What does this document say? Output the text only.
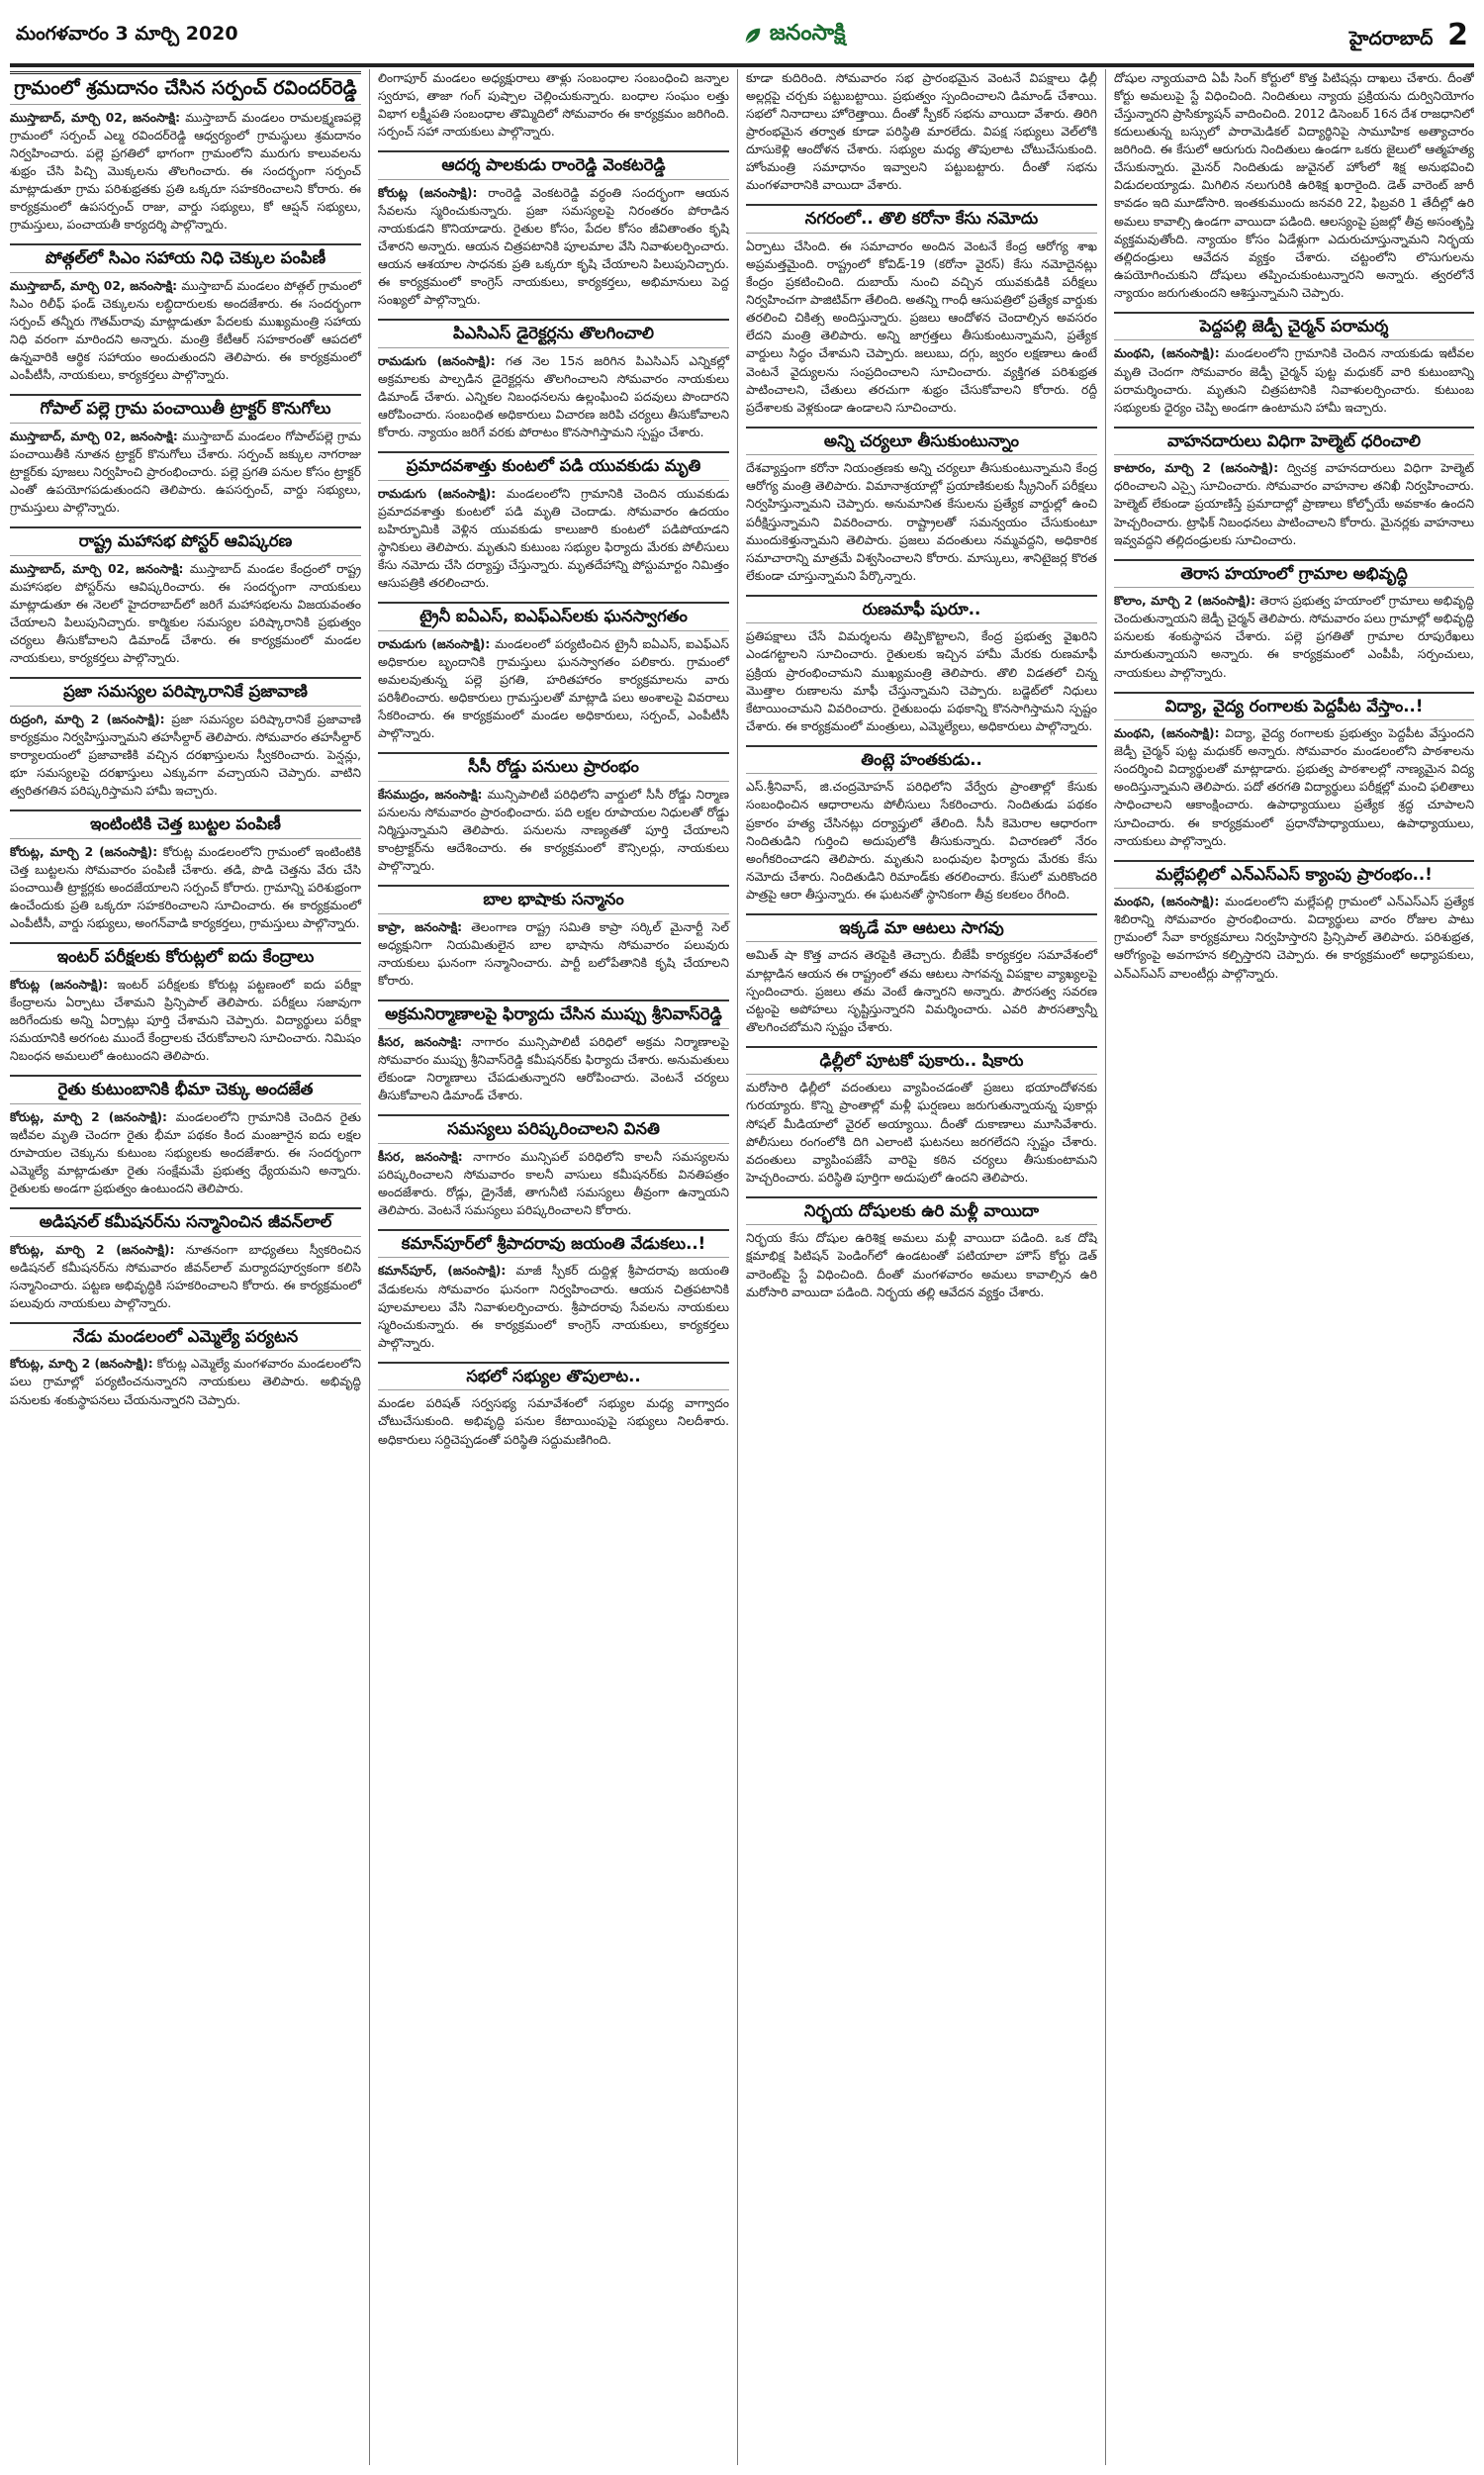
మంగళవారం 3 మార్చి 2020	జనంసాక్షి	హైదరాబాద్ 2
గ్రామంలో శ్రమదానం చేసిన సర్పంచ్ రవిందర్‌రెడ్డి

ముస్తాబాద్, మార్చి 02, జనంసాక్షి: ముస్తాబాద్ మండలం రామలక్ష్మణపల్లె గ్రామంలో సర్పంచ్ ఎల్మ రవిందర్‌రెడ్డి ఆధ్వర్యంలో గ్రామస్థులు శ్రమదానం నిర్వహించారు. పల్లె ప్రగతిలో భాగంగా గ్రామంలోని మురుగు కాలువలను శుభ్రం చేసి పిచ్చి మొక్కలను తొలగించారు. ఈ సందర్భంగా సర్పంచ్ మాట్లాడుతూ గ్రామ పరిశుభ్రతకు ప్రతి ఒక్కరూ సహకరించాలని కోరారు. ఈ కార్యక్రమంలో ఉపసర్పంచ్ రాజు, వార్డు సభ్యులు, కో ఆప్షన్ సభ్యులు, గ్రామస్తులు, పంచాయతీ కార్యదర్శి పాల్గొన్నారు.

పోత్గల్‌లో సిఎం సహాయ నిధి చెక్కుల పంపిణీ

ముస్తాబాద్, మార్చి 02, జనంసాక్షి: ముస్తాబాద్ మండలం పోత్గల్ గ్రామంలో సిఎం రిలీఫ్ ఫండ్ చెక్కులను లబ్ధిదారులకు అందజేశారు. ఈ సందర్భంగా సర్పంచ్ తన్నీరు గౌతమ్‌రావు మాట్లాడుతూ పేదలకు ముఖ్యమంత్రి సహాయ నిధి వరంగా మారిందని అన్నారు. మంత్రి కేటీఆర్ సహకారంతో ఆపదలో ఉన్నవారికి ఆర్థిక సహాయం అందుతుందని తెలిపారు. ఈ కార్యక్రమంలో ఎంపీటీసీ, నాయకులు, కార్యకర్తలు పాల్గొన్నారు.

గోపాల్ పల్లె గ్రామ పంచాయితీ ట్రాక్టర్ కొనుగోలు

ముస్తాబాద్, మార్చి 02, జనంసాక్షి: ముస్తాబాద్ మండలం గోపాల్‌పల్లె గ్రామ పంచాయితీకి నూతన ట్రాక్టర్ కొనుగోలు చేశారు. సర్పంచ్ జక్కుల నాగరాజు ట్రాక్టర్‌కు పూజలు నిర్వహించి ప్రారంభించారు. పల్లె ప్రగతి పనుల కోసం ట్రాక్టర్ ఎంతో ఉపయోగపడుతుందని తెలిపారు. ఉపసర్పంచ్, వార్డు సభ్యులు, గ్రామస్తులు పాల్గొన్నారు.

రాష్ట్ర మహాసభ పోస్టర్ ఆవిష్కరణ

ముస్తాబాద్, మార్చి 02, జనంసాక్షి: ముస్తాబాద్ మండల కేంద్రంలో రాష్ట్ర మహాసభల పోస్టర్‌ను ఆవిష్కరించారు. ఈ సందర్భంగా నాయకులు మాట్లాడుతూ ఈ నెలలో హైదరాబాద్‌లో జరిగే మహాసభలను విజయవంతం చేయాలని పిలుపునిచ్చారు. కార్మికుల సమస్యల పరిష్కారానికి ప్రభుత్వం చర్యలు తీసుకోవాలని డిమాండ్ చేశారు. ఈ కార్యక్రమంలో మండల నాయకులు, కార్యకర్తలు పాల్గొన్నారు.

ప్రజా సమస్యల పరిష్కారానికే ప్రజావాణి

రుద్రంగి, మార్చి 2 (జనంసాక్షి): ప్రజా సమస్యల పరిష్కారానికే ప్రజావాణి కార్యక్రమం నిర్వహిస్తున్నామని తహసీల్దార్ తెలిపారు. సోమవారం తహసీల్దార్ కార్యాలయంలో ప్రజావాణికి వచ్చిన దరఖాస్తులను స్వీకరించారు. పెన్షన్లు, భూ సమస్యలపై దరఖాస్తులు ఎక్కువగా వచ్చాయని చెప్పారు. వాటిని త్వరితగతిన పరిష్కరిస్తామని హామీ ఇచ్చారు.

ఇంటింటికి చెత్త బుట్టల పంపిణీ

కోరుట్ల, మార్చి 2 (జనంసాక్షి): కోరుట్ల మండలంలోని గ్రామంలో ఇంటింటికి చెత్త బుట్టలను సోమవారం పంపిణీ చేశారు. తడి, పొడి చెత్తను వేరు చేసి పంచాయితీ ట్రాక్టర్లకు అందజేయాలని సర్పంచ్ కోరారు. గ్రామాన్ని పరిశుభ్రంగా ఉంచేందుకు ప్రతి ఒక్కరూ సహకరించాలని సూచించారు. ఈ కార్యక్రమంలో ఎంపీటీసీ, వార్డు సభ్యులు, అంగన్‌వాడి కార్యకర్తలు, గ్రామస్తులు పాల్గొన్నారు.

ఇంటర్ పరీక్షలకు కోరుట్లలో ఐదు కేంద్రాలు

కోరుట్ల (జనంసాక్షి): ఇంటర్ పరీక్షలకు కోరుట్ల పట్టణంలో ఐదు పరీక్షా కేంద్రాలను ఏర్పాటు చేశామని ప్రిన్సిపాల్ తెలిపారు. పరీక్షలు సజావుగా జరిగేందుకు అన్ని ఏర్పాట్లు పూర్తి చేశామని చెప్పారు. విద్యార్థులు పరీక్షా సమయానికి అరగంట ముందే కేంద్రాలకు చేరుకోవాలని సూచించారు. నిమిషం నిబంధన అమలులో ఉంటుందని తెలిపారు.

రైతు కుటుంబానికి భీమా చెక్కు అందజేత

కోరుట్ల, మార్చి 2 (జనంసాక్షి): మండలంలోని గ్రామానికి చెందిన రైతు ఇటీవల మృతి చెందగా రైతు భీమా పథకం కింద మంజూరైన ఐదు లక్షల రూపాయల చెక్కును కుటుంబ సభ్యులకు అందజేశారు. ఈ సందర్భంగా ఎమ్మెల్యే మాట్లాడుతూ రైతు సంక్షేమమే ప్రభుత్వ ధ్యేయమని అన్నారు. రైతులకు అండగా ప్రభుత్వం ఉంటుందని తెలిపారు.

అడిషనల్ కమీషనర్‌ను సన్మానించిన జీవన్‌లాల్

కోరుట్ల, మార్చి 2 (జనంసాక్షి): నూతనంగా బాధ్యతలు స్వీకరించిన అడిషనల్ కమీషనర్‌ను సోమవారం జీవన్‌లాల్ మర్యాదపూర్వకంగా కలిసి సన్మానించారు. పట్టణ అభివృద్ధికి సహకరించాలని కోరారు. ఈ కార్యక్రమంలో పలువురు నాయకులు పాల్గొన్నారు.

నేడు మండలంలో ఎమ్మెల్యే పర్యటన

కోరుట్ల, మార్చి 2 (జనంసాక్షి): కోరుట్ల ఎమ్మెల్యే మంగళవారం మండలంలోని పలు గ్రామాల్లో పర్యటించనున్నారని నాయకులు తెలిపారు. అభివృద్ధి పనులకు శంకుస్థాపనలు చేయనున్నారని చెప్పారు.

లింగాపూర్ మండలం అధ్యక్షురాలు తాళ్లు సంబంధాల సంబంధించి జన్నాల స్వరూప, తాజా గంగ్ పుష్పాల చెల్లించుకున్నారు. బంధాల సంఘం లత్తు విభాగ లక్ష్మీపతి సంబంధాల తొమ్మిదిలో సోమవారం ఈ కార్యక్రమం జరిగింది. సర్పంచ్ సహా నాయకులు పాల్గొన్నారు.

ఆదర్శ పాలకుడు రాంరెడ్డి వెంకటరెడ్డి

కోరుట్ల (జనంసాక్షి): రాంరెడ్డి వెంకటరెడ్డి వర్ధంతి సందర్భంగా ఆయన సేవలను స్మరించుకున్నారు. ప్రజా సమస్యలపై నిరంతరం పోరాడిన నాయకుడని కొనియాడారు. రైతుల కోసం, పేదల కోసం జీవితాంతం కృషి చేశారని అన్నారు. ఆయన చిత్రపటానికి పూలమాల వేసి నివాళులర్పించారు. ఆయన ఆశయాల సాధనకు ప్రతి ఒక్కరూ కృషి చేయాలని పిలుపునిచ్చారు. ఈ కార్యక్రమంలో కాంగ్రెస్ నాయకులు, కార్యకర్తలు, అభిమానులు పెద్ద సంఖ్యలో పాల్గొన్నారు.

పిఎసిఎస్ డైరెక్టర్లను తొలగించాలి

రామడుగు (జనంసాక్షి): గత నెల 15న జరిగిన పిఎసిఎస్ ఎన్నికల్లో అక్రమాలకు పాల్పడిన డైరెక్టర్లను తొలగించాలని సోమవారం నాయకులు డిమాండ్ చేశారు. ఎన్నికల నిబంధనలను ఉల్లంఘించి పదవులు పొందారని ఆరోపించారు. సంబంధిత అధికారులు విచారణ జరిపి చర్యలు తీసుకోవాలని కోరారు. న్యాయం జరిగే వరకు పోరాటం కొనసాగిస్తామని స్పష్టం చేశారు.

ప్రమాదవశాత్తు కుంటలో పడి యువకుడు మృతి

రామడుగు (జనంసాక్షి): మండలంలోని గ్రామానికి చెందిన యువకుడు ప్రమాదవశాత్తు కుంటలో పడి మృతి చెందాడు. సోమవారం ఉదయం బహిర్భూమికి వెళ్లిన యువకుడు కాలుజారి కుంటలో పడిపోయాడని స్థానికులు తెలిపారు. మృతుని కుటుంబ సభ్యుల ఫిర్యాదు మేరకు పోలీసులు కేసు నమోదు చేసి దర్యాప్తు చేస్తున్నారు. మృతదేహాన్ని పోస్టుమార్టం నిమిత్తం ఆసుపత్రికి తరలించారు.

ట్రైనీ ఐఏఎస్, ఐఎఫ్ఎస్‌లకు ఘనస్వాగతం

రామడుగు (జనంసాక్షి): మండలంలో పర్యటించిన ట్రైనీ ఐఏఎస్, ఐఎఫ్ఎస్ అధికారుల బృందానికి గ్రామస్తులు ఘనస్వాగతం పలికారు. గ్రామంలో అమలవుతున్న పల్లె ప్రగతి, హరితహారం కార్యక్రమాలను వారు పరిశీలించారు. అధికారులు గ్రామస్తులతో మాట్లాడి పలు అంశాలపై వివరాలు సేకరించారు. ఈ కార్యక్రమంలో మండల అధికారులు, సర్పంచ్, ఎంపీటీసీ పాల్గొన్నారు.

సీసీ రోడ్డు పనులు ప్రారంభం

కేసముద్రం, జనంసాక్షి: మున్సిపాలిటీ పరిధిలోని వార్డులో సీసీ రోడ్డు నిర్మాణ పనులను సోమవారం ప్రారంభించారు. పది లక్షల రూపాయల నిధులతో రోడ్డు నిర్మిస్తున్నామని తెలిపారు. పనులను నాణ్యతతో పూర్తి చేయాలని కాంట్రాక్టర్‌ను ఆదేశించారు. ఈ కార్యక్రమంలో కౌన్సిలర్లు, నాయకులు పాల్గొన్నారు.

బాల భాషాకు సన్మానం

కాప్రా, జనంసాక్షి: తెలంగాణ రాష్ట్ర సమితి కాప్రా సర్కిల్ మైనార్టీ సెల్ అధ్యక్షునిగా నియమితులైన బాల భాషాను సోమవారం పలువురు నాయకులు ఘనంగా సన్మానించారు. పార్టీ బలోపేతానికి కృషి చేయాలని కోరారు.

అక్రమనిర్మాణాలపై ఫిర్యాదు చేసిన ముప్పు శ్రీనివాస్‌రెడ్డి

కీసర, జనంసాక్షి: నాగారం మున్సిపాలిటీ పరిధిలో అక్రమ నిర్మాణాలపై సోమవారం ముప్పు శ్రీనివాస్‌రెడ్డి కమీషనర్‌కు ఫిర్యాదు చేశారు. అనుమతులు లేకుండా నిర్మాణాలు చేపడుతున్నారని ఆరోపించారు. వెంటనే చర్యలు తీసుకోవాలని డిమాండ్ చేశారు.

సమస్యలు పరిష్కరించాలని వినతి

కీసర, జనంసాక్షి: నాగారం మున్సిపల్ పరిధిలోని కాలనీ సమస్యలను పరిష్కరించాలని సోమవారం కాలనీ వాసులు కమీషనర్‌కు వినతిపత్రం అందజేశారు. రోడ్లు, డ్రైనేజీ, తాగునీటి సమస్యలు తీవ్రంగా ఉన్నాయని తెలిపారు. వెంటనే సమస్యలు పరిష్కరించాలని కోరారు.

కమాన్‌పూర్‌లో శ్రీపాదరావు జయంతి వేడుకలు..!

కమాన్‌పూర్, (జనంసాక్షి): మాజీ స్పీకర్ దుద్దిళ్ల శ్రీపాదరావు జయంతి వేడుకలను సోమవారం ఘనంగా నిర్వహించారు. ఆయన చిత్రపటానికి పూలమాలలు వేసి నివాళులర్పించారు. శ్రీపాదరావు సేవలను నాయకులు స్మరించుకున్నారు. ఈ కార్యక్రమంలో కాంగ్రెస్ నాయకులు, కార్యకర్తలు పాల్గొన్నారు.

సభలో సభ్యుల తొపులాట..

మండల పరిషత్ సర్వసభ్య సమావేశంలో సభ్యుల మధ్య వాగ్వాదం చోటుచేసుకుంది. అభివృద్ధి పనుల కేటాయింపుపై సభ్యులు నిలదీశారు. అధికారులు సర్దిచెప్పడంతో పరిస్థితి సద్దుమణిగింది.

కూడా కుదిరింది. సోమవారం సభ ప్రారంభమైన వెంటనే విపక్షాలు ఢిల్లీ అల్లర్లపై చర్చకు పట్టుబట్టాయి. ప్రభుత్వం స్పందించాలని డిమాండ్ చేశాయి. సభలో నినాదాలు హోరెత్తాయి. దీంతో స్పీకర్ సభను వాయిదా వేశారు. తిరిగి ప్రారంభమైన తర్వాత కూడా పరిస్థితి మారలేదు. విపక్ష సభ్యులు వెల్‌లోకి దూసుకెళ్లి ఆందోళన చేశారు. సభ్యుల మధ్య తొపులాట చోటుచేసుకుంది. హోంమంత్రి సమాధానం ఇవ్వాలని పట్టుబట్టారు. దీంతో సభను మంగళవారానికి వాయిదా వేశారు.

నగరంలో.. తొలి కరోనా కేసు నమోదు

ఏర్పాటు చేసింది. ఈ సమాచారం అందిన వెంటనే కేంద్ర ఆరోగ్య శాఖ అప్రమత్తమైంది. రాష్ట్రంలో కోవిడ్-19 (కరోనా వైరస్) కేసు నమోదైనట్లు కేంద్రం ప్రకటించింది. దుబాయ్ నుంచి వచ్చిన యువకుడికి పరీక్షలు నిర్వహించగా పాజిటివ్‌గా తేలింది. అతన్ని గాంధీ ఆసుపత్రిలో ప్రత్యేక వార్డుకు తరలించి చికిత్స అందిస్తున్నారు. ప్రజలు ఆందోళన చెందాల్సిన అవసరం లేదని మంత్రి తెలిపారు. అన్ని జాగ్రత్తలు తీసుకుంటున్నామని, ప్రత్యేక వార్డులు సిద్ధం చేశామని చెప్పారు. జలుబు, దగ్గు, జ్వరం లక్షణాలు ఉంటే వెంటనే వైద్యులను సంప్రదించాలని సూచించారు. వ్యక్తిగత పరిశుభ్రత పాటించాలని, చేతులు తరచుగా శుభ్రం చేసుకోవాలని కోరారు. రద్దీ ప్రదేశాలకు వెళ్లకుండా ఉండాలని సూచించారు.

అన్ని చర్యలూ తీసుకుంటున్నాం

దేశవ్యాప్తంగా కరోనా నియంత్రణకు అన్ని చర్యలూ తీసుకుంటున్నామని కేంద్ర ఆరోగ్య మంత్రి తెలిపారు. విమానాశ్రయాల్లో ప్రయాణికులకు స్క్రీనింగ్ పరీక్షలు నిర్వహిస్తున్నామని చెప్పారు. అనుమానిత కేసులను ప్రత్యేక వార్డుల్లో ఉంచి పరీక్షిస్తున్నామని వివరించారు. రాష్ట్రాలతో సమన్వయం చేసుకుంటూ ముందుకెళ్తున్నామని తెలిపారు. ప్రజలు వదంతులు నమ్మవద్దని, అధికారిక సమాచారాన్ని మాత్రమే విశ్వసించాలని కోరారు. మాస్కులు, శానిటైజర్ల కొరత లేకుండా చూస్తున్నామని పేర్కొన్నారు.

రుణమాఫీ షురూ..

ప్రతిపక్షాలు చేసే విమర్శలను తిప్పికొట్టాలని, కేంద్ర ప్రభుత్వ వైఖరిని ఎండగట్టాలని సూచించారు. రైతులకు ఇచ్చిన హామీ మేరకు రుణమాఫీ ప్రక్రియ ప్రారంభించామని ముఖ్యమంత్రి తెలిపారు. తొలి విడతలో చిన్న మొత్తాల రుణాలను మాఫీ చేస్తున్నామని చెప్పారు. బడ్జెట్‌లో నిధులు కేటాయించామని వివరించారు. రైతుబంధు పథకాన్ని కొనసాగిస్తామని స్పష్టం చేశారు. ఈ కార్యక్రమంలో మంత్రులు, ఎమ్మెల్యేలు, అధికారులు పాల్గొన్నారు.

తింట్లె హంతకుడు..

ఎస్.శ్రీనివాస్, జి.చంద్రమోహన్ పరిధిలోని వేర్వేరు ప్రాంతాల్లో కేసుకు సంబంధించిన ఆధారాలను పోలీసులు సేకరించారు. నిందితుడు పథకం ప్రకారం హత్య చేసినట్లు దర్యాప్తులో తేలింది. సీసీ కెమెరాల ఆధారంగా నిందితుడిని గుర్తించి అదుపులోకి తీసుకున్నారు. విచారణలో నేరం అంగీకరించాడని తెలిపారు. మృతుని బంధువుల ఫిర్యాదు మేరకు కేసు నమోదు చేశారు. నిందితుడిని రిమాండ్‌కు తరలించారు. కేసులో మరికొందరి పాత్రపై ఆరా తీస్తున్నారు. ఈ ఘటనతో స్థానికంగా తీవ్ర కలకలం రేగింది.

ఇక్కడే మా ఆటలు సాగవు

అమిత్ షా కొత్త వాదన తెరపైకి తెచ్చారు. బీజేపీ కార్యకర్తల సమావేశంలో మాట్లాడిన ఆయన ఈ రాష్ట్రంలో తమ ఆటలు సాగవన్న విపక్షాల వ్యాఖ్యలపై స్పందించారు. ప్రజలు తమ వెంటే ఉన్నారని అన్నారు. పౌరసత్వ సవరణ చట్టంపై అపోహలు సృష్టిస్తున్నారని విమర్శించారు. ఎవరి పౌరసత్వాన్నీ తొలగించబోమని స్పష్టం చేశారు.

ఢిల్లీలో పూటకో పుకారు.. షికారు

మరోసారి ఢిల్లీలో వదంతులు వ్యాపించడంతో ప్రజలు భయాందోళనకు గురయ్యారు. కొన్ని ప్రాంతాల్లో మళ్లీ ఘర్షణలు జరుగుతున్నాయన్న పుకార్లు సోషల్ మీడియాలో వైరల్ అయ్యాయి. దీంతో దుకాణాలు మూసివేశారు. పోలీసులు రంగంలోకి దిగి ఎలాంటి ఘటనలు జరగలేదని స్పష్టం చేశారు. వదంతులు వ్యాపింపజేసే వారిపై కఠిన చర్యలు తీసుకుంటామని హెచ్చరించారు. పరిస్థితి పూర్తిగా అదుపులో ఉందని తెలిపారు.

నిర్భయ దోషులకు ఉరి మళ్లీ వాయిదా

నిర్భయ కేసు దోషుల ఉరిశిక్ష అమలు మళ్లీ వాయిదా పడింది. ఒక దోషి క్షమాభిక్ష పిటిషన్ పెండింగ్‌లో ఉండటంతో పటియాలా హౌస్ కోర్టు డెత్ వారెంట్‌పై స్టే విధించింది. దీంతో మంగళవారం అమలు కావాల్సిన ఉరి మరోసారి వాయిదా పడింది. నిర్భయ తల్లి ఆవేదన వ్యక్తం చేశారు.

దోషుల న్యాయవాది ఏపీ సింగ్ కోర్టులో కొత్త పిటిషన్లు దాఖలు చేశారు. దీంతో కోర్టు అమలుపై స్టే విధించింది. నిందితులు న్యాయ ప్రక్రియను దుర్వినియోగం చేస్తున్నారని ప్రాసిక్యూషన్ వాదించింది. 2012 డిసెంబర్ 16న దేశ రాజధానిలో కదులుతున్న బస్సులో పారామెడికల్ విద్యార్థినిపై సామూహిక అత్యాచారం జరిగింది. ఈ కేసులో ఆరుగురు నిందితులు ఉండగా ఒకరు జైలులో ఆత్మహత్య చేసుకున్నారు. మైనర్ నిందితుడు జువైనల్ హోంలో శిక్ష అనుభవించి విడుదలయ్యాడు. మిగిలిన నలుగురికి ఉరిశిక్ష ఖరారైంది. డెత్ వారెంట్ జారీ కావడం ఇది మూడోసారి. ఇంతకుముందు జనవరి 22, ఫిబ్రవరి 1 తేదీల్లో ఉరి అమలు కావాల్సి ఉండగా వాయిదా పడింది. ఆలస్యంపై ప్రజల్లో తీవ్ర అసంతృప్తి వ్యక్తమవుతోంది. న్యాయం కోసం ఏడేళ్లుగా ఎదురుచూస్తున్నామని నిర్భయ తల్లిదండ్రులు ఆవేదన వ్యక్తం చేశారు. చట్టంలోని లొసుగులను ఉపయోగించుకుని దోషులు తప్పించుకుంటున్నారని అన్నారు. త్వరలోనే న్యాయం జరుగుతుందని ఆశిస్తున్నామని చెప్పారు.

పెద్దపల్లి జెడ్పీ చైర్మన్ పరామర్శ

మంథని, (జనంసాక్షి): మండలంలోని గ్రామానికి చెందిన నాయకుడు ఇటీవల మృతి చెందగా సోమవారం జెడ్పీ చైర్మన్ పుట్ట మధుకర్ వారి కుటుంబాన్ని పరామర్శించారు. మృతుని చిత్రపటానికి నివాళులర్పించారు. కుటుంబ సభ్యులకు ధైర్యం చెప్పి అండగా ఉంటామని హామీ ఇచ్చారు.

వాహనదారులు విధిగా హెల్మెట్ ధరించాలి

కాటారం, మార్చి 2 (జనంసాక్షి): ద్విచక్ర వాహనదారులు విధిగా హెల్మెట్ ధరించాలని ఎస్సై సూచించారు. సోమవారం వాహనాల తనిఖీ నిర్వహించారు. హెల్మెట్ లేకుండా ప్రయాణిస్తే ప్రమాదాల్లో ప్రాణాలు కోల్పోయే అవకాశం ఉందని హెచ్చరించారు. ట్రాఫిక్ నిబంధనలు పాటించాలని కోరారు. మైనర్లకు వాహనాలు ఇవ్వవద్దని తల్లిదండ్రులకు సూచించారు.

తెరాస హయాంలో గ్రామాల అభివృద్ధి

కొలాం, మార్చి 2 (జనంసాక్షి): తెరాస ప్రభుత్వ హయాంలో గ్రామాలు అభివృద్ధి చెందుతున్నాయని జెడ్పీ చైర్మన్ తెలిపారు. సోమవారం పలు గ్రామాల్లో అభివృద్ధి పనులకు శంకుస్థాపన చేశారు. పల్లె ప్రగతితో గ్రామాల రూపురేఖలు మారుతున్నాయని అన్నారు. ఈ కార్యక్రమంలో ఎంపీపీ, సర్పంచులు, నాయకులు పాల్గొన్నారు.

విద్యా, వైద్య రంగాలకు పెద్దపీట వేస్తాం..!

మంథని, (జనంసాక్షి): విద్యా, వైద్య రంగాలకు ప్రభుత్వం పెద్దపీట వేస్తుందని జెడ్పీ చైర్మన్ పుట్ట మధుకర్ అన్నారు. సోమవారం మండలంలోని పాఠశాలను సందర్శించి విద్యార్థులతో మాట్లాడారు. ప్రభుత్వ పాఠశాలల్లో నాణ్యమైన విద్య అందిస్తున్నామని తెలిపారు. పదో తరగతి విద్యార్థులు పరీక్షల్లో మంచి ఫలితాలు సాధించాలని ఆకాంక్షించారు. ఉపాధ్యాయులు ప్రత్యేక శ్రద్ధ చూపాలని సూచించారు. ఈ కార్యక్రమంలో ప్రధానోపాధ్యాయులు, ఉపాధ్యాయులు, నాయకులు పాల్గొన్నారు.

మల్లేపల్లిలో ఎన్ఎస్ఎస్ క్యాంపు ప్రారంభం..!

మంథని, (జనంసాక్షి): మండలంలోని మల్లేపల్లి గ్రామంలో ఎన్ఎస్ఎస్ ప్రత్యేక శిబిరాన్ని సోమవారం ప్రారంభించారు. విద్యార్థులు వారం రోజుల పాటు గ్రామంలో సేవా కార్యక్రమాలు నిర్వహిస్తారని ప్రిన్సిపాల్ తెలిపారు. పరిశుభ్రత, ఆరోగ్యంపై అవగాహన కల్పిస్తారని చెప్పారు. ఈ కార్యక్రమంలో అధ్యాపకులు, ఎన్ఎస్ఎస్ వాలంటీర్లు పాల్గొన్నారు.
